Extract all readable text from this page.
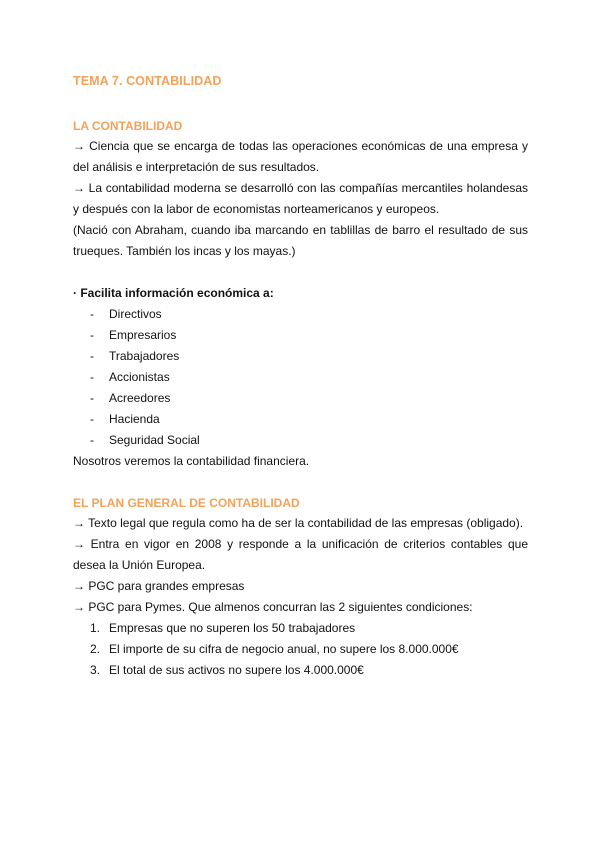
TEMA 7. CONTABILIDAD
LA CONTABILIDAD

→ Ciencia que se encarga de todas las operaciones económicas de una empresa y del análisis e interpretación de sus resultados.

→ La contabilidad moderna se desarrolló con las compañías mercantiles holandesas y después con la labor de economistas norteamericanos y europeos.

(Nació con Abraham, cuando iba marcando en tablillas de barro el resultado de sus trueques. También los incas y los mayas.)

· Facilita información económica a:

- Directivos
- Empresarios
- Trabajadores
- Accionistas
- Acreedores
- Hacienda
- Seguridad Social

Nosotros veremos la contabilidad financiera.

EL PLAN GENERAL DE CONTABILIDAD

→ Texto legal que regula como ha de ser la contabilidad de las empresas (obligado).

→ Entra en vigor en 2008 y responde a la unificación de criterios contables que desea la Unión Europea.

→ PGC para grandes empresas

→ PGC para Pymes. Que almenos concurran las 2 siguientes condiciones:

1. Empresas que no superen los 50 trabajadores
2. El importe de su cifra de negocio anual, no supere los 8.000.000€
3. El total de sus activos no supere los 4.000.000€
